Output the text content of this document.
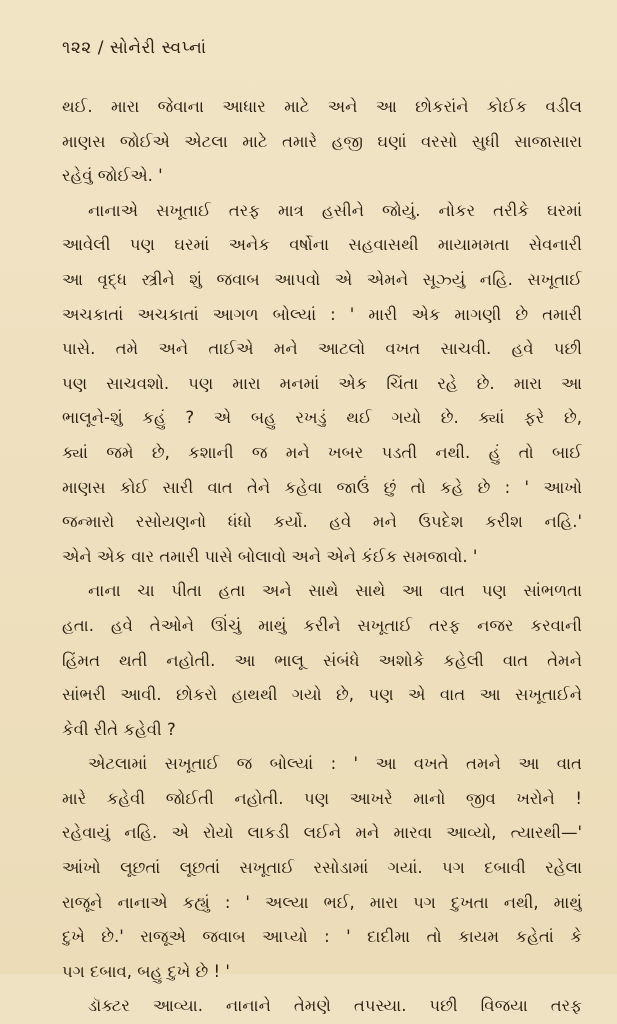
૧૨૨ / સોનેરી સ્વપ્નાં
થઈ. મારા જેવાના આધાર માટે અને આ છોકરાંને કોઈક વડીલ
માણસ જોઈએ એટલા માટે તમારે હજી ઘણાં વરસો સુધી સાજાસારા
રહેવું જોઈએ. '
નાનાએ સખૂતાઈ તરફ માત્ર હસીને જોયું. નોકર તરીકે ઘરમાં
આવેલી પણ ઘરમાં અનેક વર્ષોના સહવાસથી માયામમતા સેવનારી
આ વૃદ્ધ સ્ત્રીને શું જવાબ આપવો એ એમને સૂઝ્યું નહિ. સખૂતાઈ
અચકાતાં અચકાતાં આગળ બોલ્યાં : ' મારી એક માગણી છે તમારી
પાસે. તમે અને તાઈએ મને આટલો વખત સાચવી. હવે પછી
પણ સાચવશો. પણ મારા મનમાં એક ચિંતા રહે છે. મારા આ
ભાલૂને-શું કહું ? એ બહુ રખડું થઈ ગયો છે. ક્યાં ફરે છે,
ક્યાં જમે છે, કશાની જ મને ખબર પડતી નથી. હું તો બાઈ
માણસ કોઈ સારી વાત તેને કહેવા જાઉં છું તો કહે છે : ' આખો
જન્મારો રસોયણનો ધંધો કર્યો. હવે મને ઉપદેશ કરીશ નહિ.'
એને એક વાર તમારી પાસે બોલાવો અને એને કંઈક સમજાવો. '
નાના ચા પીતા હતા અને સાથે સાથે આ વાત પણ સાંભળતા
હતા. હવે તેઓને ઊંચું માથું કરીને સખૂતાઈ તરફ નજર કરવાની
હિંમત થતી નહોતી. આ ભાલૂ સંબંધે અશોકે કહેલી વાત તેમને
સાંભરી આવી. છોકરો હાથથી ગયો છે, પણ એ વાત આ સખૂતાઈને
કેવી રીતે કહેવી ?
એટલામાં સખૂતાઈ જ બોલ્યાં : ' આ વખતે તમને આ વાત
મારે કહેવી જોઈતી નહોતી. પણ આખરે માનો જીવ ખરોને !
રહેવાયું નહિ. એ રોયો લાકડી લઈને મને મારવા આવ્યો, ત્યારથી—'
આંખો લૂછતાં લૂછતાં સખૂતાઈ રસોડામાં ગયાં. પગ દબાવી રહેલા
રાજૂને નાનાએ કહ્યું : ' અલ્યા ભઈ, મારા પગ દુખતા નથી, માથું
દુખે છે.' રાજૂએ જવાબ આપ્યો : ' દાદીમા તો કાયમ કહેતાં કે
પગ દબાવ, બહુ દુખે છે ! '
ડૉક્ટર આવ્યા. નાનાને તેમણે તપસ્યા. પછી વિજયા તરફ
